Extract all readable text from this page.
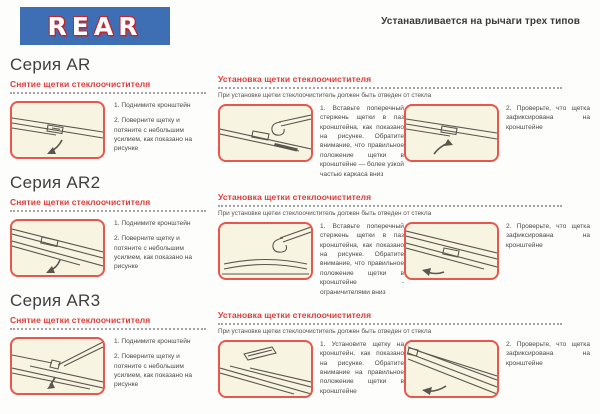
REAR	Устанавливается на рычаги трех типов
Серия AR
Снятие щетки стеклоочистителя

1. Поднимите кронштейн

2. Поверните щетку и потяните с небольшим усилием, как показано на рисунке

Установка щетки стеклоочистителя
При установке щетки стеклоочиститель должен быть отведен от стекла
1. Вставьте поперечный стержень щетки в паз кронштейна, как показано на рисунке. Обратите внимание, что правильное положение щетки в кронштейне — более узкой частью каркаса вниз
2. Проверьте, что щетка зафиксирована на кронштейне
Серия AR2
Снятие щетки стеклоочистителя

1. Поднимите кронштейн

2. Поверните щетку и потяните с небольшим усилием, как показано на рисунке

Установка щетки стеклоочистителя
При установке щетки стеклоочиститель должен быть отведен от стекла
1. Вставьте поперечный стержень щетки в паз кронштейна, как показано на рисунке. Обратите внимание, что правильное положение щетки в кронштейне - ограничителями вниз
2. Проверьте, что щетка зафиксирована на кронштейне
Серия AR3
Снятие щетки стеклоочистителя

1. Поднимите кронштейн

2. Поверните щетку и потяните с небольшим усилием, как показано на рисунке

Установка щетки стеклоочистителя
При установке щетки стеклоочиститель должен быть отведен от стекла
1. Установите щетку на кронштейн, как показано на рисунке. Обратите внимание на правильное положение щетки в кронштейне
2. Проверьте, что щетка зафиксирована на кронштейне
